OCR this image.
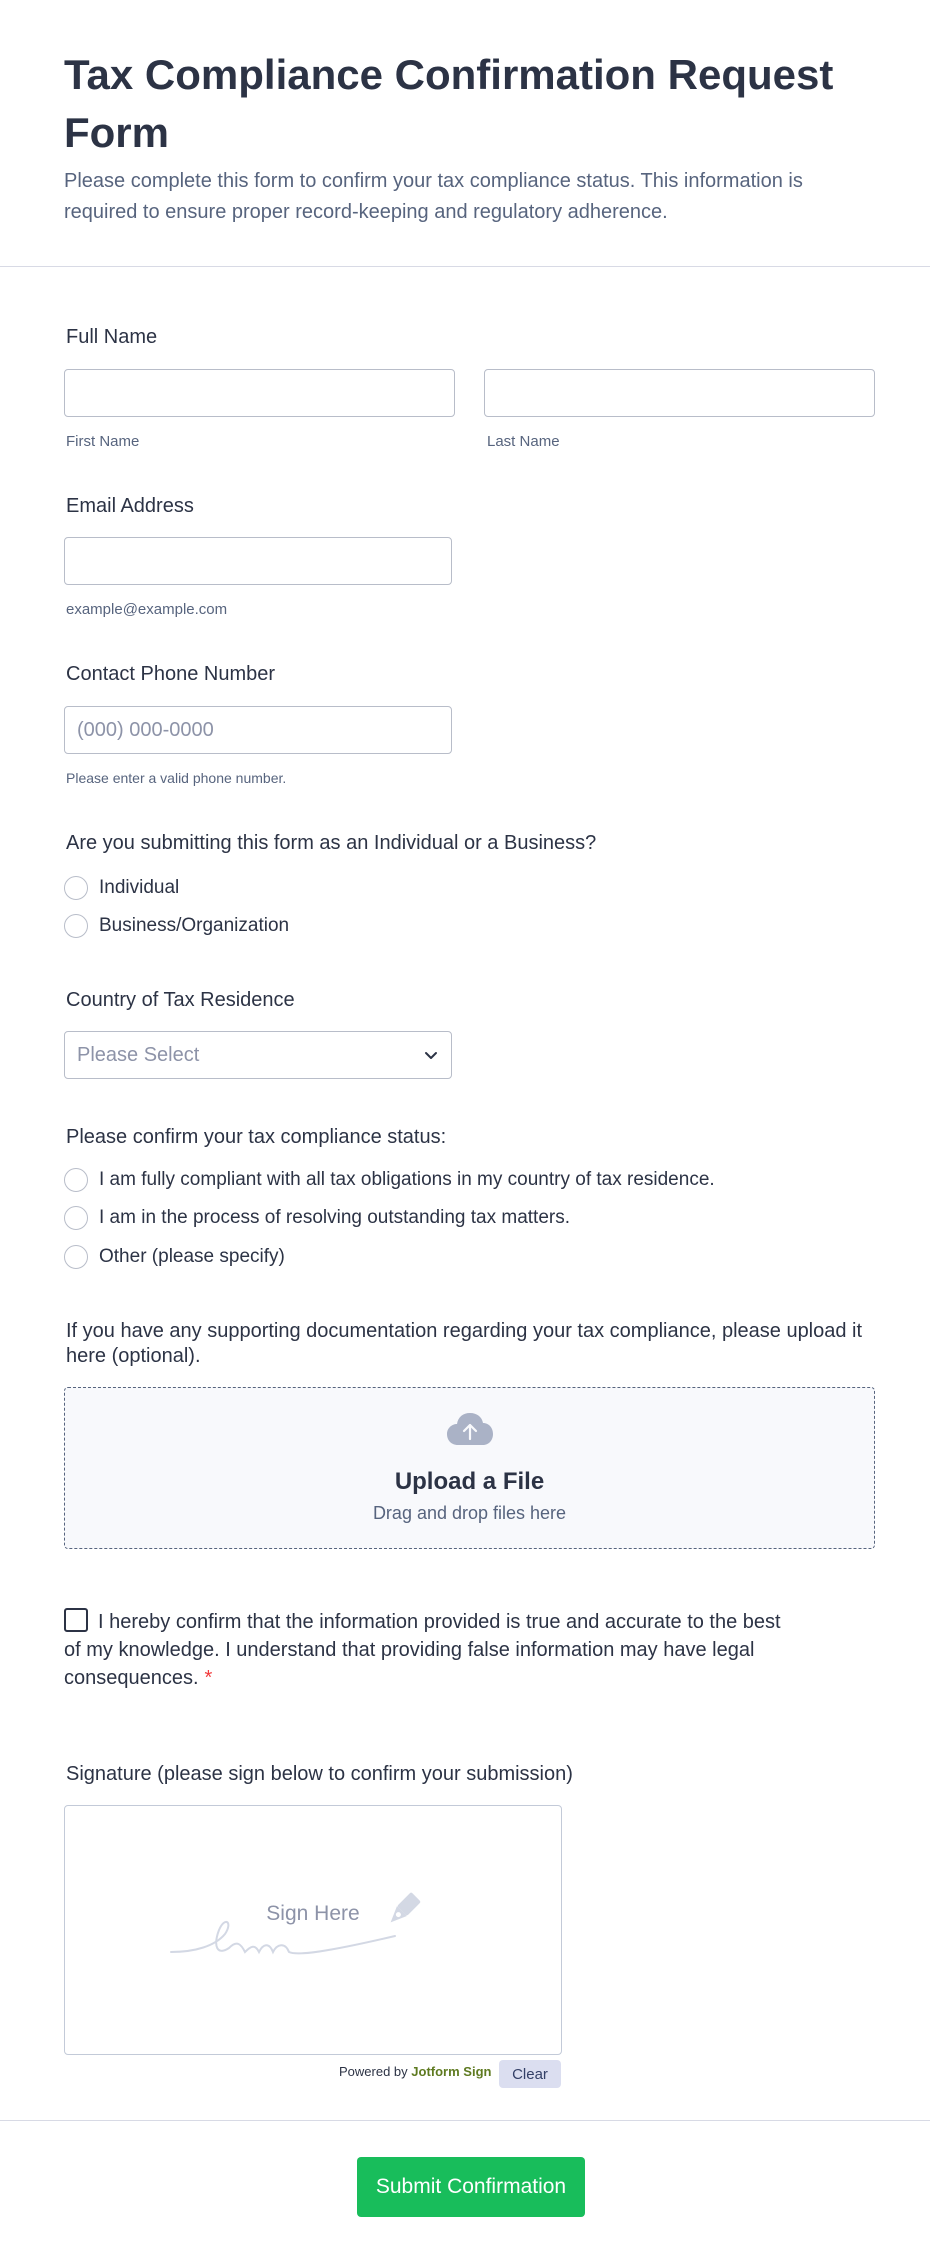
Tax Compliance Confirmation Request Form

Please complete this form to confirm your tax compliance status. This information is required to ensure proper record-keeping and regulatory adherence.

Full Name
First Name	Last Name
Email Address
example@example.com
Contact Phone Number
(000) 000-0000
Please enter a valid phone number.
Are you submitting this form as an Individual or a Business?
Individual
Business/Organization
Country of Tax Residence
Please Select
Please confirm your tax compliance status:
I am fully compliant with all tax obligations in my country of tax residence.
I am in the process of resolving outstanding tax matters.
Other (please specify)
If you have any supporting documentation regarding your tax compliance, please upload it here (optional).
Upload a File
Drag and drop files here
I hereby confirm that the information provided is true and accurate to the best of my knowledge. I understand that providing false information may have legal consequences. *
Signature (please sign below to confirm your submission)
Sign Here
Powered by Jotform Sign	Clear
Submit Confirmation
